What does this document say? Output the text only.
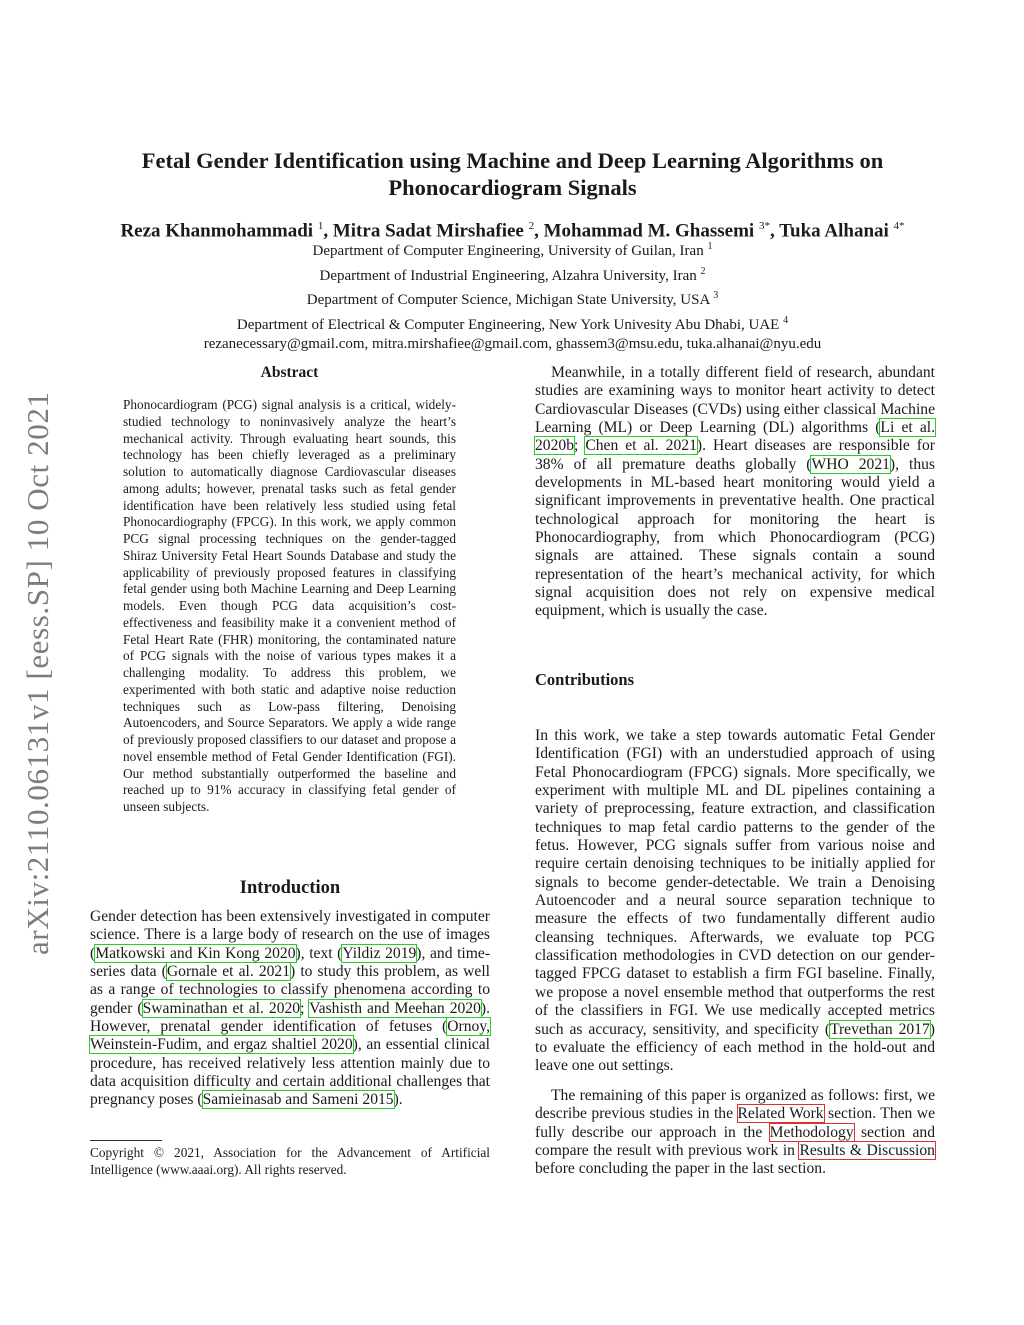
arXiv:2110.06131v1 [eess.SP] 10 Oct 2021
Fetal Gender Identification using Machine and Deep Learning Algorithms on Phonocardiogram Signals
Reza Khanmohammadi $^1$, Mitra Sadat Mirshafiee $^2$, Mohammad M. Ghassemi $^{3*}$, Tuka Alhanai $^{4*}$
Department of Computer Engineering, University of Guilan, Iran $^1$
Department of Industrial Engineering, Alzahra University, Iran $^2$
Department of Computer Science, Michigan State University, USA $^3$
Department of Electrical & Computer Engineering, New York Univesity Abu Dhabi, UAE $^4$
rezanecessary@gmail.com, mitra.mirshafiee@gmail.com, ghassem3@msu.edu, tuka.alhanai@nyu.edu
Abstract
Phonocardiogram (PCG) signal analysis is a critical, widely-studied technology to noninvasively analyze the heart’s mechanical activity. Through evaluating heart sounds, this technology has been chiefly leveraged as a preliminary solution to automatically diagnose Cardiovascular diseases among adults; however, prenatal tasks such as fetal gender identification have been relatively less studied using fetal Phonocardiography (FPCG). In this work, we apply common PCG signal processing techniques on the gender-tagged Shiraz University Fetal Heart Sounds Database and study the applicability of previously proposed features in classifying fetal gender using both Machine Learning and Deep Learning models. Even though PCG data acquisition’s cost-effectiveness and feasibility make it a convenient method of Fetal Heart Rate (FHR) monitoring, the contaminated nature of PCG signals with the noise of various types makes it a challenging modality. To address this problem, we experimented with both static and adaptive noise reduction techniques such as Low-pass filtering, Denoising Autoencoders, and Source Separators. We apply a wide range of previously proposed classifiers to our dataset and propose a novel ensemble method of Fetal Gender Identification (FGI). Our method substantially outperformed the baseline and reached up to 91% accuracy in classifying fetal gender of unseen subjects.
Introduction

Gender detection has been extensively investigated in computer science. There is a large body of research on the use of images (Matkowski and Kin Kong 2020), text (Yildiz 2019), and time-series data (Gornale et al. 2021) to study this problem, as well as a range of technologies to classify phenomena according to gender (Swaminathan et al. 2020; Vashisth and Meehan 2020). However, prenatal gender identification of fetuses (Ornoy, Weinstein-Fudim, and ergaz shaltiel 2020), an essential clinical procedure, has received relatively less attention mainly due to data acquisition difficulty and certain additional challenges that pregnancy poses (Samieinasab and Sameni 2015).

Copyright © 2021, Association for the Advancement of Artificial Intelligence (www.aaai.org). All rights reserved.

Meanwhile, in a totally different field of research, abundant studies are examining ways to monitor heart activity to detect Cardiovascular Diseases (CVDs) using either classical Machine Learning (ML) or Deep Learning (DL) algorithms (Li et al. 2020b; Chen et al. 2021). Heart diseases are responsible for 38% of all premature deaths globally (WHO 2021), thus developments in ML-based heart monitoring would yield a significant improvements in preventative health. One practical technological approach for monitoring the heart is Phonocardiography, from which Phonocardiogram (PCG) signals are attained. These signals contain a sound representation of the heart’s mechanical activity, for which signal acquisition does not rely on expensive medical equipment, which is usually the case.

Contributions

In this work, we take a step towards automatic Fetal Gender Identification (FGI) with an understudied approach of using Fetal Phonocardiogram (FPCG) signals. More specifically, we experiment with multiple ML and DL pipelines containing a variety of preprocessing, feature extraction, and classification techniques to map fetal cardio patterns to the gender of the fetus. However, PCG signals suffer from various noise and require certain denoising techniques to be initially applied for signals to become gender-detectable. We train a Denoising Autoencoder and a neural source separation technique to measure the effects of two fundamentally different audio cleansing techniques. Afterwards, we evaluate top PCG classification methodologies in CVD detection on our gender-tagged FPCG dataset to establish a firm FGI baseline. Finally, we propose a novel ensemble method that outperforms the rest of the classifiers in FGI. We use medically accepted metrics such as accuracy, sensitivity, and specificity (Trevethan 2017) to evaluate the efficiency of each method in the hold-out and leave one out settings.

The remaining of this paper is organized as follows: first, we describe previous studies in the Related Work section. Then we fully describe our approach in the Methodology section and compare the result with previous work in Results & Discussion before concluding the paper in the last section.
